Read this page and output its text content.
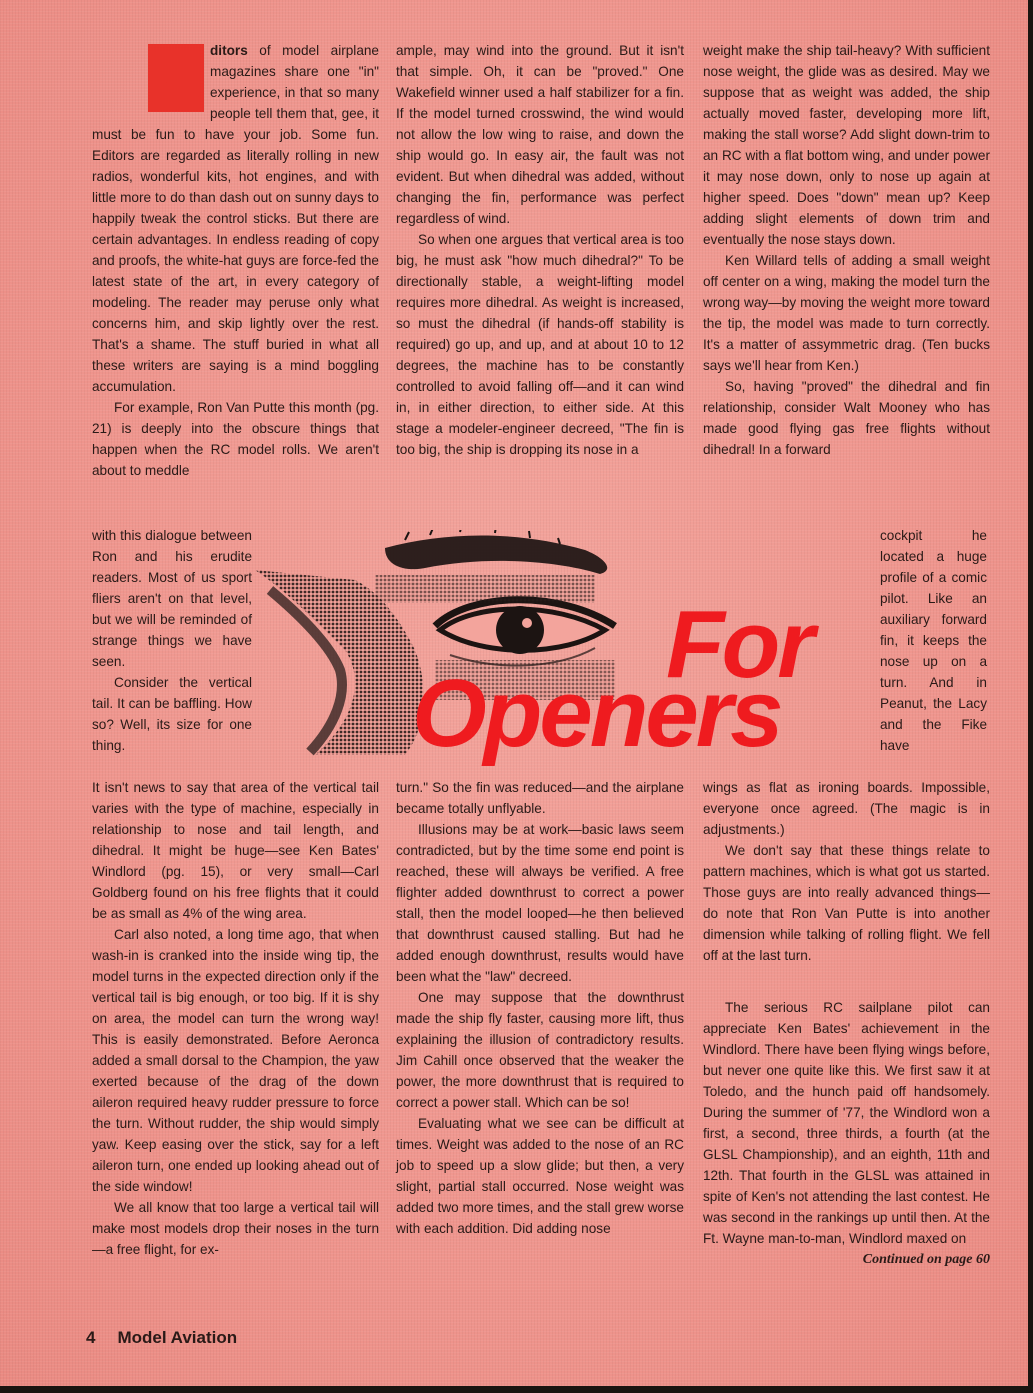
E ditors of model airplane magazines share one "in" experience, in that so many people tell them that, gee, it must be fun to have your job. Some fun. Editors are regarded as literally rolling in new radios, wonderful kits, hot engines, and with little more to do than dash out on sunny days to happily tweak the control sticks. But there are certain advantages. In endless reading of copy and proofs, the white-hat guys are force-fed the latest state of the art, in every category of modeling. The reader may peruse only what concerns him, and skip lightly over the rest. That's a shame. The stuff buried in what all these writers are saying is a mind boggling accumulation.

For example, Ron Van Putte this month (pg. 21) is deeply into the obscure things that happen when the RC model rolls. We aren't about to meddle

with this dialogue between Ron and his erudite readers. Most of us sport fliers aren't on that level, but we will be reminded of strange things we have seen.

Consider the vertical tail. It can be baffling. How so? Well, its size for one thing.

It isn't news to say that area of the vertical tail varies with the type of machine, especially in relationship to nose and tail length, and dihedral. It might be huge—see Ken Bates' Windlord (pg. 15), or very small—Carl Goldberg found on his free flights that it could be as small as 4% of the wing area.

Carl also noted, a long time ago, that when wash-in is cranked into the inside wing tip, the model turns in the expected direction only if the vertical tail is big enough, or too big. If it is shy on area, the model can turn the wrong way! This is easily demonstrated. Before Aeronca added a small dorsal to the Champion, the yaw exerted because of the drag of the down aileron required heavy rudder pressure to force the turn. Without rudder, the ship would simply yaw. Keep easing over the stick, say for a left aileron turn, one ended up looking ahead out of the side window!

We all know that too large a vertical tail will make most models drop their noses in the turn—a free flight, for ex-

ample, may wind into the ground. But it isn't that simple. Oh, it can be "proved." One Wakefield winner used a half stabilizer for a fin. If the model turned crosswind, the wind would not allow the low wing to raise, and down the ship would go. In easy air, the fault was not evident. But when dihedral was added, without changing the fin, performance was perfect regardless of wind.

So when one argues that vertical area is too big, he must ask "how much dihedral?" To be directionally stable, a weight-lifting model requires more dihedral. As weight is increased, so must the dihedral (if hands-off stability is required) go up, and up, and at about 10 to 12 degrees, the machine has to be constantly controlled to avoid falling off—and it can wind in, in either direction, to either side. At this stage a modeler-engineer decreed, "The fin is too big, the ship is dropping its nose in a

turn." So the fin was reduced—and the airplane became totally unflyable.

Illusions may be at work—basic laws seem contradicted, but by the time some end point is reached, these will always be verified. A free flighter added downthrust to correct a power stall, then the model looped—he then believed that downthrust caused stalling. But had he added enough downthrust, results would have been what the "law" decreed.

One may suppose that the downthrust made the ship fly faster, causing more lift, thus explaining the illusion of contradictory results. Jim Cahill once observed that the weaker the power, the more downthrust that is required to correct a power stall. Which can be so!

Evaluating what we see can be difficult at times. Weight was added to the nose of an RC job to speed up a slow glide; but then, a very slight, partial stall occurred. Nose weight was added two more times, and the stall grew worse with each addition. Did adding nose

weight make the ship tail-heavy? With sufficient nose weight, the glide was as desired. May we suppose that as weight was added, the ship actually moved faster, developing more lift, making the stall worse? Add slight down-trim to an RC with a flat bottom wing, and under power it may nose down, only to nose up again at higher speed. Does "down" mean up? Keep adding slight elements of down trim and eventually the nose stays down.

Ken Willard tells of adding a small weight off center on a wing, making the model turn the wrong way—by moving the weight more toward the tip, the model was made to turn correctly. It's a matter of assymmetric drag. (Ten bucks says we'll hear from Ken.)

So, having "proved" the dihedral and fin relationship, consider Walt Mooney who has made good flying gas free flights without dihedral! In a forward

cockpit he located a huge profile of a comic pilot. Like an auxiliary forward fin, it keeps the nose up on a turn. And in Peanut, the Lacy and the Fike have

wings as flat as ironing boards. Impossible, everyone once agreed. (The magic is in adjustments.)

We don't say that these things relate to pattern machines, which is what got us started. Those guys are into really advanced things—do note that Ron Van Putte is into another dimension while talking of rolling flight. We fell off at the last turn.

The serious RC sailplane pilot can appreciate Ken Bates' achievement in the Windlord. There have been flying wings before, but never one quite like this. We first saw it at Toledo, and the hunch paid off handsomely. During the summer of '77, the Windlord won a first, a second, three thirds, a fourth (at the GLSL Championship), and an eighth, 11th and 12th. That fourth in the GLSL was attained in spite of Ken's not attending the last contest. He was second in the rankings up until then. At the Ft. Wayne man-to-man, Windlord maxed on

Continued on page 60

For
Openers
4 Model Aviation
